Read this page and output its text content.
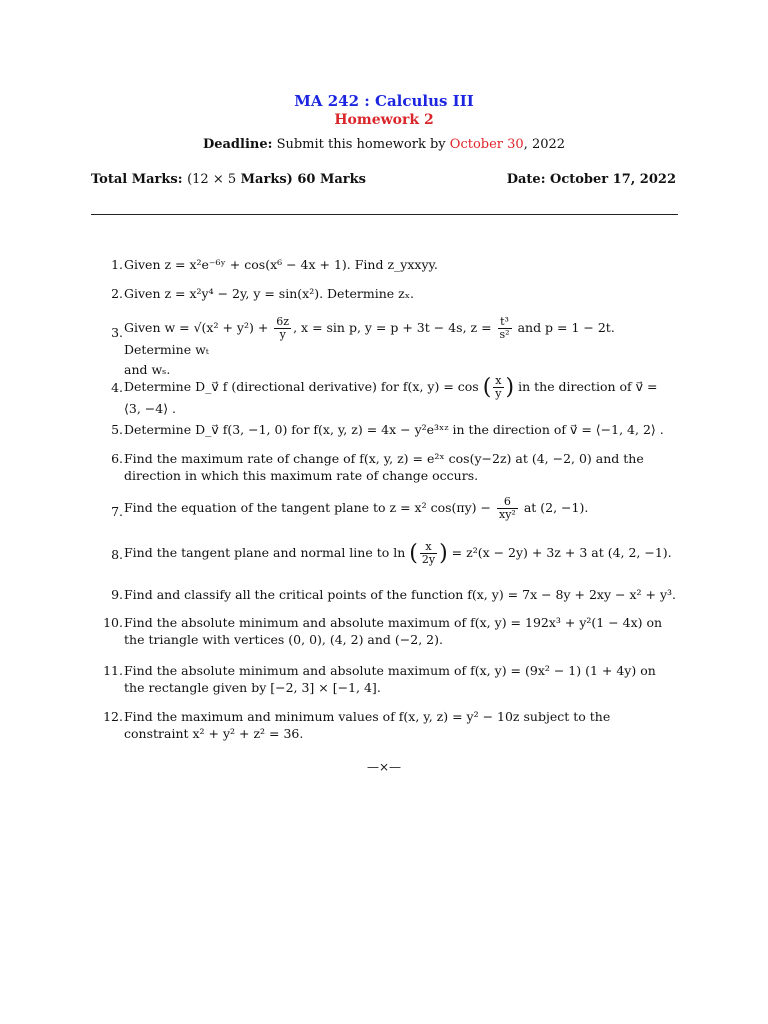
MA 242 : Calculus III
Homework 2
Deadline: Submit this homework by October 30, 2022
Total Marks: (12 × 5 Marks) 60 Marks	Date: October 17, 2022
1. Given z = x²e⁻⁶ʸ + cos(x⁶ − 4x + 1). Find z_yxxyy.
2. Given z = x²y⁴ − 2y, y = sin(x²). Determine zₓ.
3. Given $w = √(x^2 + y^2) + \frac{6z}{y}$ , x = sin p, y = p + 3t − 4s, $z = \frac{\text{t³}}{\text{s²}}$ and p = 1 − 2t. Determine wₜ
and wₛ.
4. Determine D_v⃗ f (directional derivative) for f(x, y) = cos ( $\frac{x}{y}$ ) in the direction of v⃗ = ⟨3, −4⟩ .
5. Determine D_v⃗ f(3, −1, 0) for f(x, y, z) = 4x − y²e³ˣᶻ in the direction of v⃗ = ⟨−1, 4, 2⟩ .
6. Find the maximum rate of change of f(x, y, z) = e²ˣ cos(y−2z) at (4, −2, 0) and the direction in which this maximum rate of change occurs.
7. Find the equation of the tangent plane to z = x² $\cos(\pi y) - \frac{6}{\text{xy²}}$ at (2, −1).
8. Find the tangent plane and normal line to ln ( $\frac{x}{2y}$ ) = z²(x − 2y) + 3z + 3 at (4, 2, −1).
9. Find and classify all the critical points of the function f(x, y) = 7x − 8y + 2xy − x² + y³.
10. Find the absolute minimum and absolute maximum of f(x, y) = 192x³ + y²(1 − 4x) on the triangle with vertices (0, 0), (4, 2) and (−2, 2).
11. Find the absolute minimum and absolute maximum of f(x, y) = (9x² − 1) (1 + 4y) on the rectangle given by [−2, 3] × [−1, 4].
12. Find the maximum and minimum values of f(x, y, z) = y² − 10z subject to the constraint x² + y² + z² = 36.
—×—
